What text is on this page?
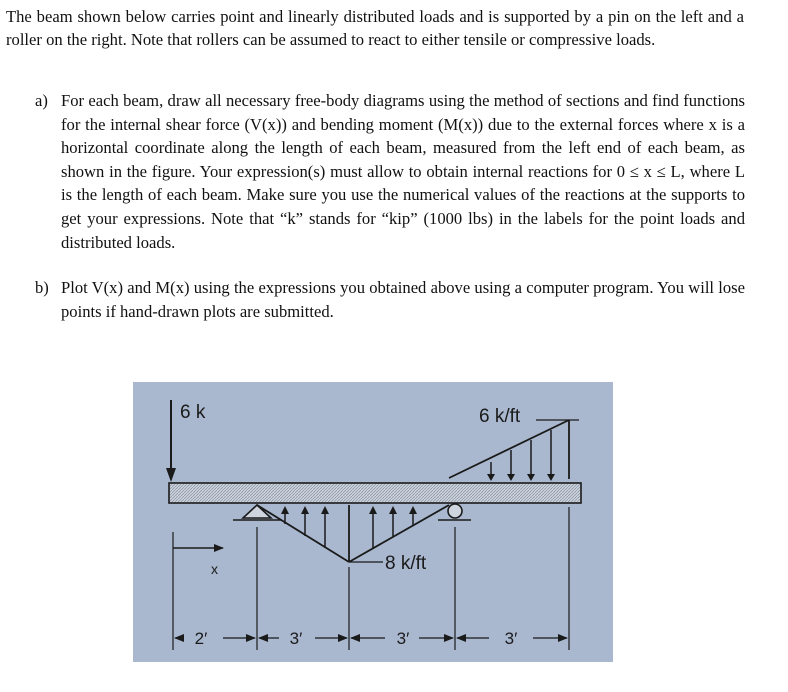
The beam shown below carries point and linearly distributed loads and is supported by a pin on the left and a roller on the right. Note that rollers can be assumed to react to either tensile or compressive loads.
a) For each beam, draw all necessary free-body diagrams using the method of sections and find functions for the internal shear force (V(x)) and bending moment (M(x)) due to the external forces where x is a horizontal coordinate along the length of each beam, measured from the left end of each beam, as shown in the figure. Your expression(s) must allow to obtain internal reactions for 0 ≤ x ≤ L, where L is the length of each beam. Make sure you use the numerical values of the reactions at the supports to get your expressions. Note that “k” stands for “kip” (1000 lbs) in the labels for the point loads and distributed loads.
b) Plot V(x) and M(x) using the expressions you obtained above using a computer program. You will lose points if hand-drawn plots are submitted.
6 k	6 k/ft
8 k/ft
x
2′	3′	3′	3′
